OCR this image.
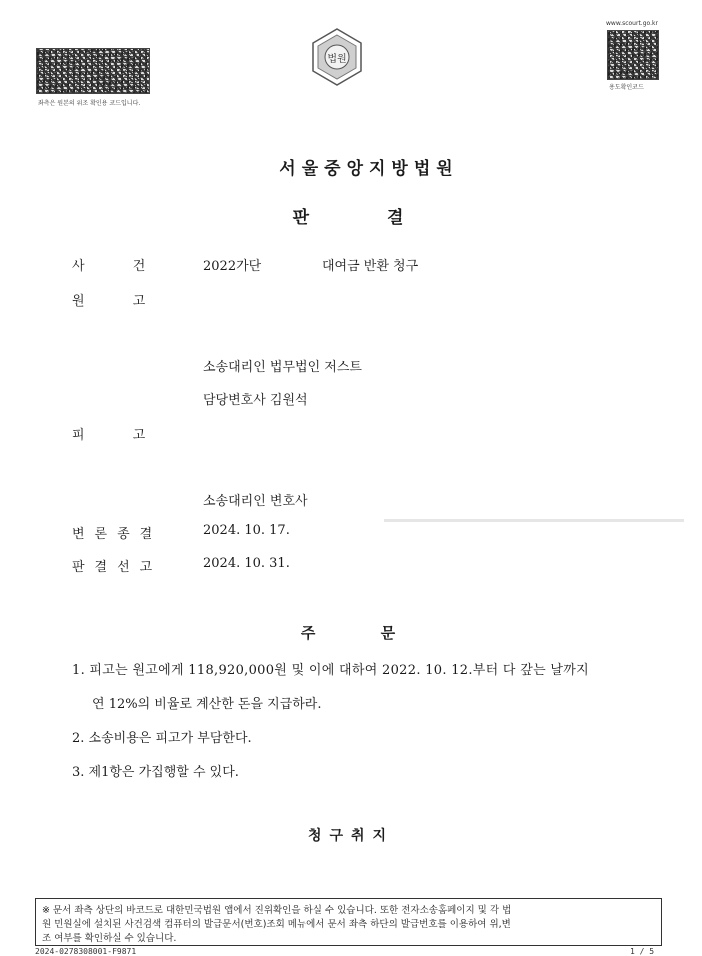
좌측은 원본의 위조 확인용 코드입니다.
법원
www.scourt.go.kr
용도확인코드
서울중앙지방법원
판 결
사 건	2022가단	대여금 반환 청구
원 고
소송대리인 법무법인 저스트
담당변호사 김원석
피 고
소송대리인 변호사
변론종결	2024. 10. 17.
판결선고	2024. 10. 31.
주 문
1. 피고는 원고에게 118,920,000원 및 이에 대하여 2022. 10. 12.부터 다 갚는 날까지
연 12%의 비율로 계산한 돈을 지급하라.
2. 소송비용은 피고가 부담한다.
3. 제1항은 가집행할 수 있다.
청구취지
※ 문서 좌측 상단의 바코드로 대한민국법원 앱에서 진위확인을 하실 수 있습니다. 또한 전자소송홈페이지 및 각 법
원 민원실에 설치된 사건검색 컴퓨터의 발급문서(번호)조회 메뉴에서 문서 좌측 하단의 발급번호를 이용하여 위,변
조 여부를 확인하실 수 있습니다.
2024-0278308001-F9871	1 / 5
